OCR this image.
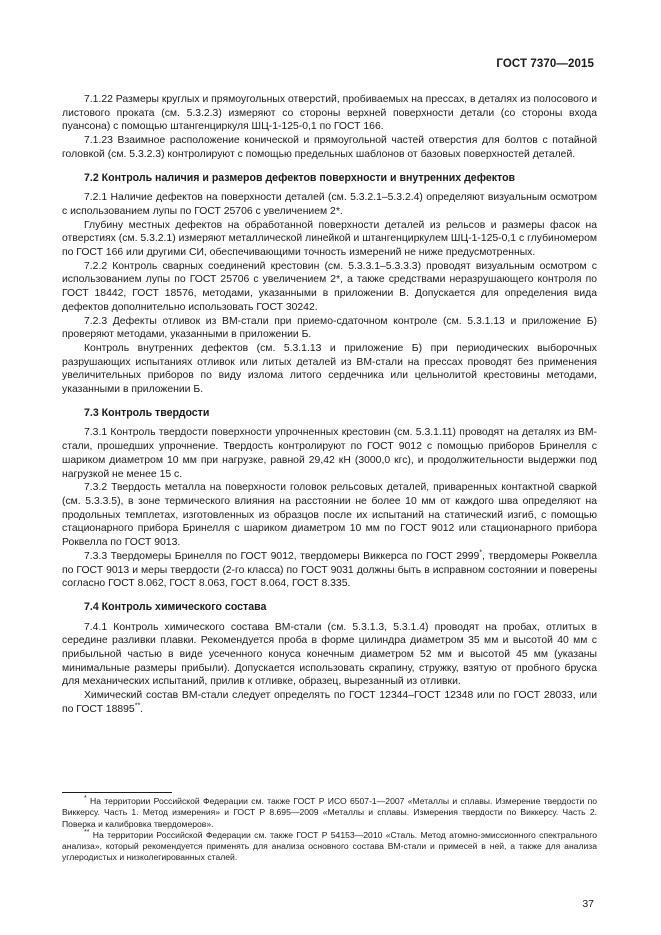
ГОСТ 7370—2015

7.1.22 Размеры круглых и прямоугольных отверстий, пробиваемых на прессах, в деталях из полосового и листового проката (см. 5.3.2.3) измеряют со стороны верхней поверхности детали (со стороны входа пуансона) с помощью штангенциркуля ШЦ-1-125-0,1 по ГОСТ 166.

7.1.23 Взаимное расположение конической и прямоугольной частей отверстия для болтов с потайной головкой (см. 5.3.2.3) контролируют с помощью предельных шаблонов от базовых поверхностей деталей.

7.2 Контроль наличия и размеров дефектов поверхности и внутренних дефектов

7.2.1 Наличие дефектов на поверхности деталей (см. 5.3.2.1–5.3.2.4) определяют визуальным осмотром с использованием лупы по ГОСТ 25706 с увеличением 2*.

Глубину местных дефектов на обработанной поверхности деталей из рельсов и размеры фасок на отверстиях (см. 5.3.2.1) измеряют металлической линейкой и штангенциркулем ШЦ-1-125-0,1 с глубиномером по ГОСТ 166 или другими СИ, обеспечивающими точность измерений не ниже предусмотренных.

7.2.2 Контроль сварных соединений крестовин (см. 5.3.3.1–5.3.3.3) проводят визуальным осмотром с использованием лупы по ГОСТ 25706 с увеличением 2*, а также средствами неразрушающего контроля по ГОСТ 18442, ГОСТ 18576, методами, указанными в приложении В. Допускается для определения вида дефектов дополнительно использовать ГОСТ 30242.

7.2.3 Дефекты отливок из ВМ-стали при приемо-сдаточном контроле (см. 5.3.1.13 и приложение Б) проверяют методами, указанными в приложении Б.

Контроль внутренних дефектов (см. 5.3.1.13 и приложение Б) при периодических выборочных разрушающих испытаниях отливок или литых деталей из ВМ-стали на прессах проводят без применения увеличительных приборов по виду излома литого сердечника или цельнолитой крестовины методами, указанными в приложении Б.

7.3 Контроль твердости

7.3.1 Контроль твердости поверхности упрочненных крестовин (см. 5.3.1.11) проводят на деталях из ВМ-стали, прошедших упрочнение. Твердость контролируют по ГОСТ 9012 с помощью приборов Бринелля с шариком диаметром 10 мм при нагрузке, равной 29,42 кН (3000,0 кгс), и продолжительности выдержки под нагрузкой не менее 15 с.

7.3.2 Твердость металла на поверхности головок рельсовых деталей, приваренных контактной сваркой (см. 5.3.3.5), в зоне термического влияния на расстоянии не более 10 мм от каждого шва определяют на продольных темплетах, изготовленных из образцов после их испытаний на статический изгиб, с помощью стационарного прибора Бринелля с шариком диаметром 10 мм по ГОСТ 9012 или стационарного прибора Роквелла по ГОСТ 9013.

7.3.3 Твердомеры Бринелля по ГОСТ 9012, твердомеры Виккерса по ГОСТ 2999*, твердомеры Роквелла по ГОСТ 9013 и меры твердости (2-го класса) по ГОСТ 9031 должны быть в исправном состоянии и поверены согласно ГОСТ 8.062, ГОСТ 8.063, ГОСТ 8.064, ГОСТ 8.335.

7.4 Контроль химического состава

7.4.1 Контроль химического состава ВМ-стали (см. 5.3.1.3, 5.3.1.4) проводят на пробах, отлитых в середине разливки плавки. Рекомендуется проба в форме цилиндра диаметром 35 мм и высотой 40 мм с прибыльной частью в виде усеченного конуса конечным диаметром 52 мм и высотой 45 мм (указаны минимальные размеры прибыли). Допускается использовать скрапину, стружку, взятую от пробного бруска для механических испытаний, прилив к отливке, образец, вырезанный из отливки.

Химический состав ВМ-стали следует определять по ГОСТ 12344–ГОСТ 12348 или по ГОСТ 28033, или по ГОСТ 18895**.

* На территории Российской Федерации см. также ГОСТ Р ИСО 6507-1—2007 «Металлы и сплавы. Измерение твердости по Виккерсу. Часть 1. Метод измерения» и ГОСТ Р 8.695—2009 «Металлы и сплавы. Измерения твердости по Виккерсу. Часть 2. Поверка и калибровка твердомеров».

** На территории Российской Федерации см. также ГОСТ Р 54153—2010 «Сталь. Метод атомно-эмиссионного спектрального анализа», который рекомендуется применять для анализа основного состава ВМ-стали и примесей в ней, а также для анализа углеродистых и низколегированных сталей.

37
